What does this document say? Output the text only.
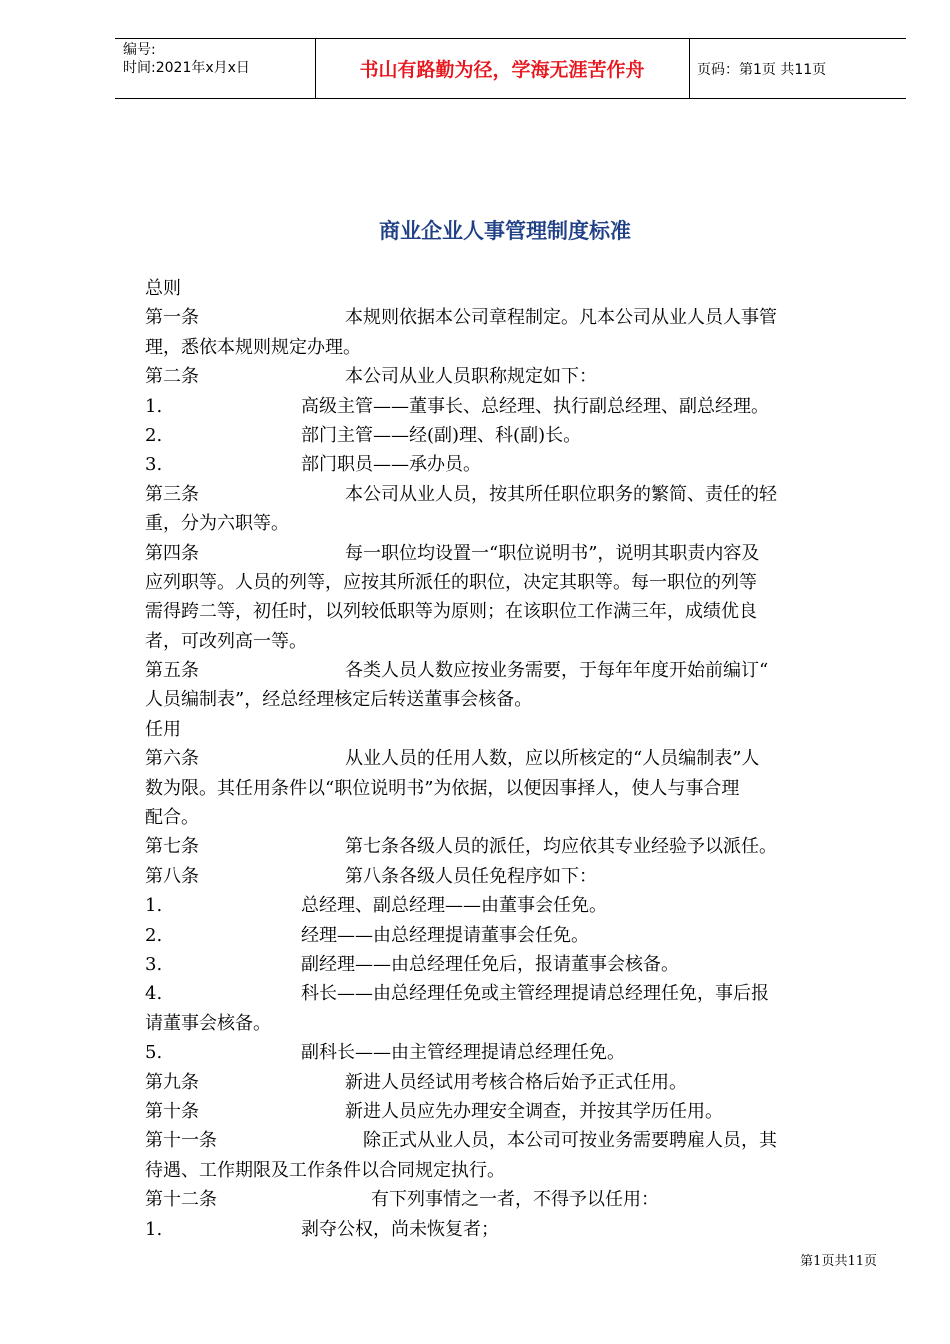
编号:
时间:2021年x月x日	书山有路勤为径，学海无涯苦作舟	页码：第1页 共11页
商业企业人事管理制度标准
总则
第一条	本规则依据本公司章程制定。凡本公司从业人员人事管
理，悉依本规则规定办理。
第二条	本公司从业人员职称规定如下：
1.	高级主管——董事长、总经理、执行副总经理、副总经理。
2.	部门主管——经(副)理、科(副)长。
3.	部门职员——承办员。
第三条	本公司从业人员，按其所任职位职务的繁简、责任的轻
重，分为六职等。
第四条	每一职位均设置一“职位说明书”，说明其职责内容及
应列职等。人员的列等，应按其所派任的职位，决定其职等。每一职位的列等
需得跨二等，初任时，以列较低职等为原则；在该职位工作满三年，成绩优良
者，可改列高一等。
第五条	各类人员人数应按业务需要，于每年年度开始前编订“
人员编制表”，经总经理核定后转送董事会核备。
任用
第六条	从业人员的任用人数，应以所核定的“人员编制表”人
数为限。其任用条件以“职位说明书”为依据，以便因事择人，使人与事合理
配合。
第七条	第七条各级人员的派任，均应依其专业经验予以派任。
第八条	第八条各级人员任免程序如下：
1.	总经理、副总经理——由董事会任免。
2.	经理——由总经理提请董事会任免。
3.	副经理——由总经理任免后，报请董事会核备。
4.	科长——由总经理任免或主管经理提请总经理任免，事后报
请董事会核备。
5.	副科长——由主管经理提请总经理任免。
第九条	新进人员经试用考核合格后始予正式任用。
第十条	新进人员应先办理安全调查，并按其学历任用。
第十一条	除正式从业人员，本公司可按业务需要聘雇人员，其
待遇、工作期限及工作条件以合同规定执行。
第十二条	有下列事情之一者，不得予以任用：
1.	剥夺公权，尚未恢复者；
第1页共11页
